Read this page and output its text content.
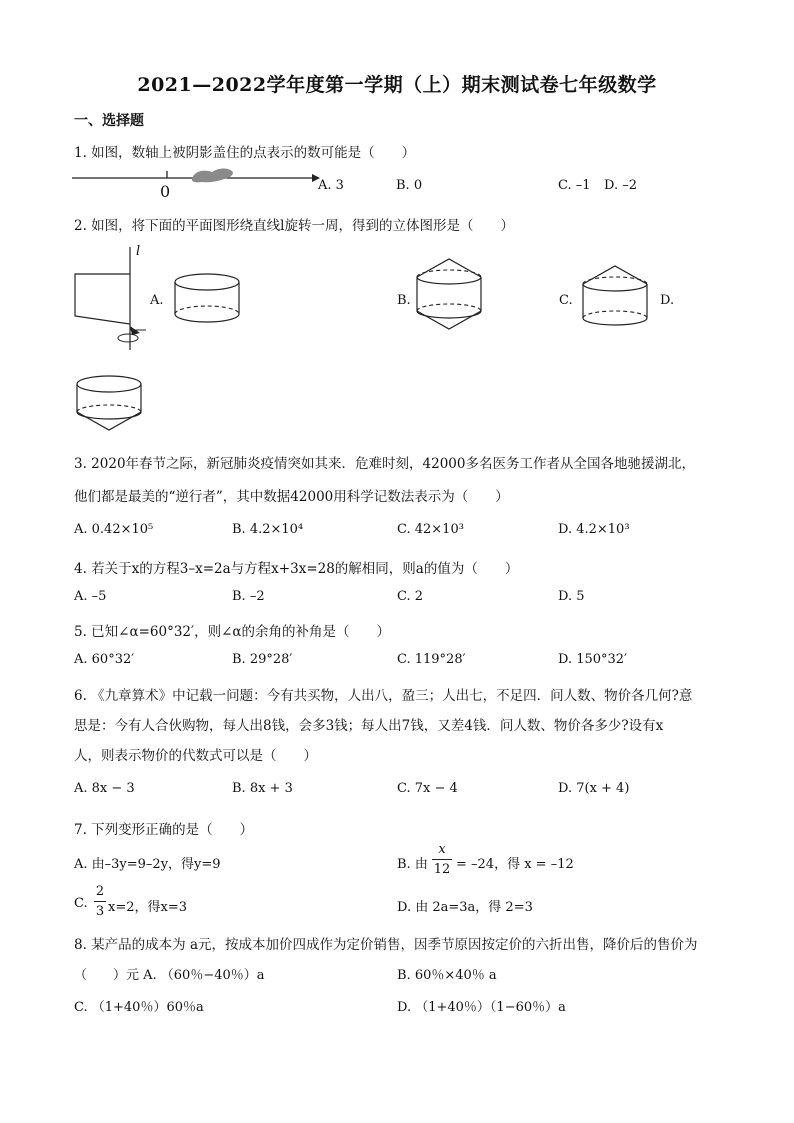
2021—2022学年度第一学期（上）期末测试卷七年级数学
一、选择题
1. 如图，数轴上被阴影盖住的点表示的数可能是（　　）
0	A. 3	B. 0	C. –1 D. –2
2. 如图，将下面的平面图形绕直线l旋转一周，得到的立体图形是（　　）
l
A.	B.	C.	D.
3. 2020年春节之际，新冠肺炎疫情突如其来．危难时刻，42000多名医务工作者从全国各地驰援湖北，
他们都是最美的“逆行者”，其中数据42000用科学记数法表示为（　　）
A. 0.42×10⁵	B. 4.2×10⁴	C. 42×10³	D. 4.2×10³
4. 若关于x的方程3–x=2a与方程x+3x=28的解相同，则a的值为（　　）
A. –5	B. –2	C. 2	D. 5
5. 已知∠α=60°32′，则∠α的余角的补角是（　　）
A. 60°32′	B. 29°28′	C. 119°28′	D. 150°32′
6. 《九章算术》中记载一问题：今有共买物，人出八，盈三；人出七，不足四．问人数、物价各几何?意
思是：今有人合伙购物，每人出8钱，会多3钱；每人出7钱，又差4钱．问人数、物价各多少?设有x
人，则表示物价的代数式可以是（　　）
A. 8x − 3	B. 8x + 3	C. 7x − 4	D. 7(x + 4)
7. 下列变形正确的是（　　）
A. 由–3y=9–2y，得y=9	B. 由
x
12 = –24，得 x = –12
C.
2
3 x=2，得x=3	D. 由 2a=3a，得 2=3
8. 某产品的成本为 a元，按成本加价四成作为定价销售，因季节原因按定价的六折出售，降价后的售价为
（　　）元 A. （60％−40％）a	B. 60％×40％ a
C. （1+40％）60％a	D. （1+40％）（1−60％）a
